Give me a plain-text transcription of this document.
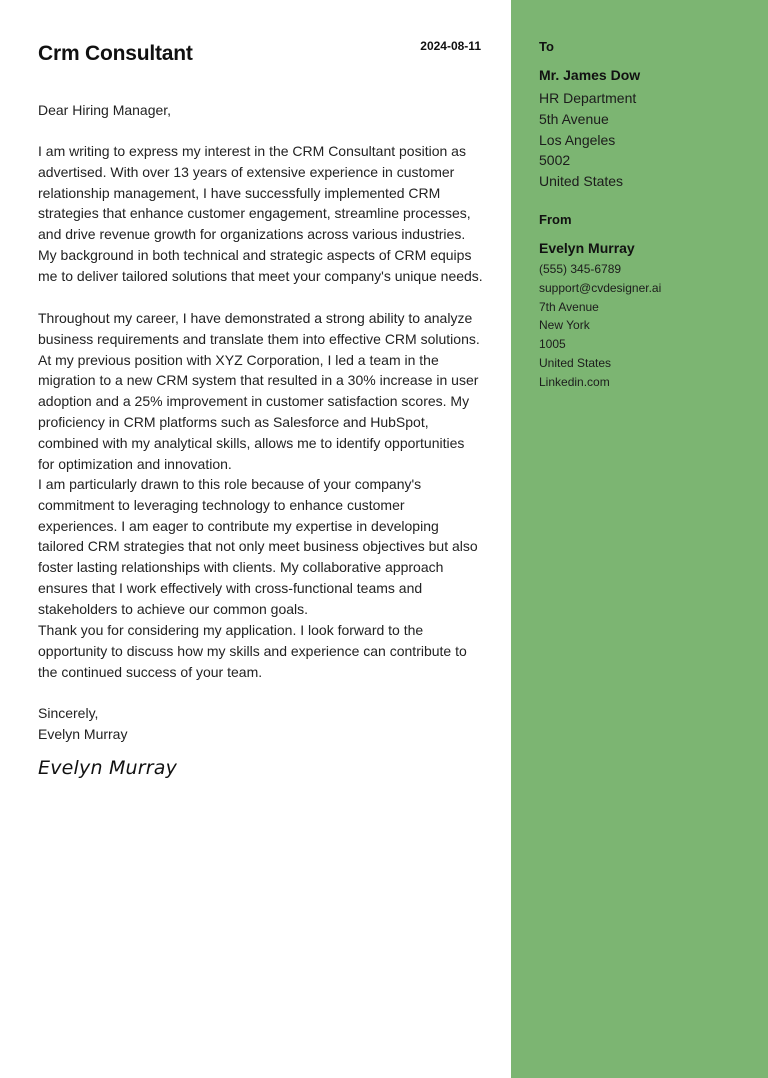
Crm Consultant	2024-08-11
Dear Hiring Manager,

I am writing to express my interest in the CRM Consultant position as advertised. With over 13 years of extensive experience in customer relationship management, I have successfully implemented CRM strategies that enhance customer engagement, streamline processes, and drive revenue growth for organizations across various industries. My background in both technical and strategic aspects of CRM equips me to deliver tailored solutions that meet your company's unique needs.

Throughout my career, I have demonstrated a strong ability to analyze business requirements and translate them into effective CRM solutions. At my previous position with XYZ Corporation, I led a team in the migration to a new CRM system that resulted in a 30% increase in user adoption and a 25% improvement in customer satisfaction scores. My proficiency in CRM platforms such as Salesforce and HubSpot, combined with my analytical skills, allows me to identify opportunities for optimization and innovation.

I am particularly drawn to this role because of your company's commitment to leveraging technology to enhance customer experiences. I am eager to contribute my expertise in developing tailored CRM strategies that not only meet business objectives but also foster lasting relationships with clients. My collaborative approach ensures that I work effectively with cross-functional teams and stakeholders to achieve our common goals.

Thank you for considering my application. I look forward to the opportunity to discuss how my skills and experience can contribute to the continued success of your team.

Sincerely,
Evelyn Murray
Evelyn Murray
To
Mr. James Dow
HR Department
5th Avenue
Los Angeles
5002
United States
From
Evelyn Murray
(555) 345-6789
support@cvdesigner.ai
7th Avenue
New York
1005
United States
Linkedin.com
